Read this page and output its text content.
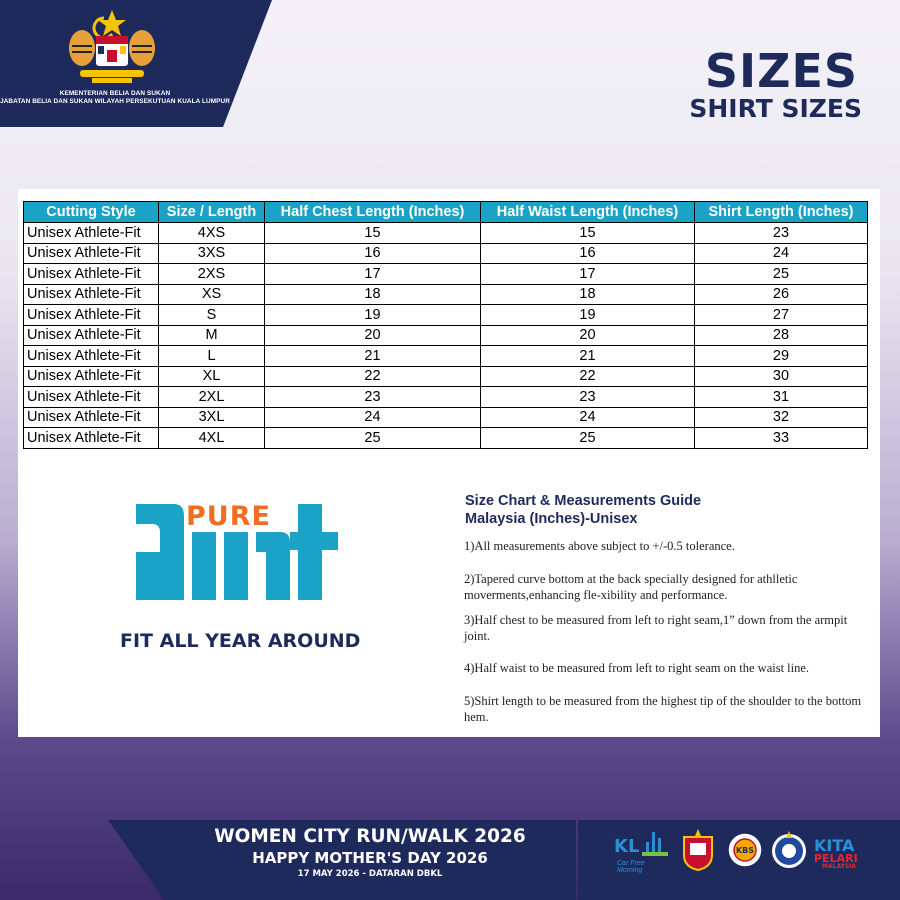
KEMENTERIAN BELIA DAN SUKAN
JABATAN BELIA DAN SUKAN WILAYAH PERSEKUTUAN KUALA LUMPUR
SIZES
SHIRT SIZES
Cutting Style	Size / Length	Half Chest Length (Inches)	Half Waist Length (Inches)	Shirt Length (Inches)
Unisex Athlete-Fit	4XS	15	15	23
Unisex Athlete-Fit	3XS	16	16	24
Unisex Athlete-Fit	2XS	17	17	25
Unisex Athlete-Fit	XS	18	18	26
Unisex Athlete-Fit	S	19	19	27
Unisex Athlete-Fit	M	20	20	28
Unisex Athlete-Fit	L	21	21	29
Unisex Athlete-Fit	XL	22	22	30
Unisex Athlete-Fit	2XL	23	23	31
Unisex Athlete-Fit	3XL	24	24	32
Unisex Athlete-Fit	4XL	25	25	33
PURE
FIT ALL YEAR AROUND
Size Chart & Measurements Guide
Malaysia (Inches)-Unisex

1)All measurements above subject to +/-0.5 tolerance.

2)Tapered curve bottom at the back specially designed for athlletic moverments,enhancing fle-xibility and performance.

3)Half chest to be measured from left to right seam,1” down from the armpit joint.

4)Half waist to be measured from left to right seam on the waist line.

5)Shirt length to be measured from the highest tip of the shoulder to the bottom hem.

WOMEN CITY RUN/WALK 2026
HAPPY MOTHER'S DAY 2026
17 MAY 2026 - DATARAN DBKL
KL
Car Free Morning
KBS	KITA
PELARI
MALAYSIA
